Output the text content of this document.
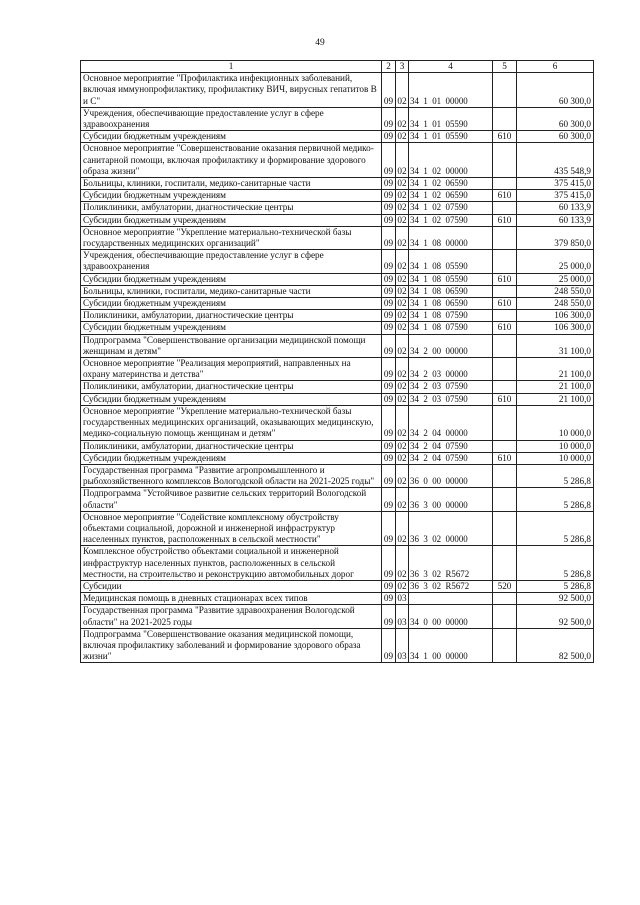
49
1	2	3	4	5	6
Основное мероприятие "Профилактика инфекционных заболеваний, включая иммунопрофилактику, профилактику ВИЧ, вирусных гепатитов В и С"	09	02	34  1  01  00000		60 300,0
Учреждения, обеспечивающие предоставление услуг в сфере здравоохранения	09	02	34  1  01  05590		60 300,0
Субсидии бюджетным учреждениям	09	02	34  1  01  05590	610	60 300,0
Основное мероприятие "Совершенствование оказания первичной медико-санитарной помощи, включая профилактику и формирование здорового образа жизни"	09	02	34  1  02  00000		435 548,9
Больницы, клиники, госпитали, медико-санитарные части	09	02	34  1  02  06590		375 415,0
Субсидии бюджетным учреждениям	09	02	34  1  02  06590	610	375 415,0
Поликлиники, амбулатории, диагностические центры	09	02	34  1  02  07590		60 133,9
Субсидии бюджетным учреждениям	09	02	34  1  02  07590	610	60 133,9
Основное мероприятие "Укрепление материально-технической базы государственных медицинских организаций"	09	02	34  1  08  00000		379 850,0
Учреждения, обеспечивающие предоставление услуг в сфере здравоохранения	09	02	34  1  08  05590		25 000,0
Субсидии бюджетным учреждениям	09	02	34  1  08  05590	610	25 000,0
Больницы, клиники, госпитали, медико-санитарные части	09	02	34  1  08  06590		248 550,0
Субсидии бюджетным учреждениям	09	02	34  1  08  06590	610	248 550,0
Поликлиники, амбулатории, диагностические центры	09	02	34  1  08  07590		106 300,0
Субсидии бюджетным учреждениям	09	02	34  1  08  07590	610	106 300,0
Подпрограмма "Совершенствование организации медицинской помощи женщинам и детям"	09	02	34  2  00  00000		31 100,0
Основное мероприятие "Реализация мероприятий, направленных на охрану материнства и детства"	09	02	34  2  03  00000		21 100,0
Поликлиники, амбулатории, диагностические центры	09	02	34  2  03  07590		21 100,0
Субсидии бюджетным учреждениям	09	02	34  2  03  07590	610	21 100,0
Основное мероприятие "Укрепление материально-технической базы государственных медицинских организаций, оказывающих медицинскую, медико-социальную помощь женщинам и детям"	09	02	34  2  04  00000		10 000,0
Поликлиники, амбулатории, диагностические центры	09	02	34  2  04  07590		10 000,0
Субсидии бюджетным учреждениям	09	02	34  2  04  07590	610	10 000,0
Государственная программа "Развитие агропромышленного и рыбохозяйственного комплексов Вологодской области на 2021-2025 годы"	09	02	36  0  00  00000		5 286,8
Подпрограмма "Устойчивое развитие сельских территорий Вологодской области"	09	02	36  3  00  00000		5 286,8
Основное мероприятие "Содействие комплексному обустройству объектами социальной, дорожной и инженерной инфраструктур населенных пунктов, расположенных в сельской местности"	09	02	36  3  02  00000		5 286,8
Комплексное обустройство объектами социальной и инженерной инфраструктур населенных пунктов, расположенных в сельской местности, на строительство и реконструкцию автомобильных дорог	09	02	36  3  02  R5672		5 286,8
Субсидии	09	02	36  3  02  R5672	520	5 286,8
Медицинская помощь в дневных стационарах всех типов	09	03			92 500,0
Государственная программа "Развитие здравоохранения Вологодской области" на 2021-2025 годы	09	03	34  0  00  00000		92 500,0
Подпрограмма "Совершенствование оказания медицинской помощи, включая профилактику заболеваний и формирование здорового образа жизни"	09	03	34  1  00  00000		82 500,0
